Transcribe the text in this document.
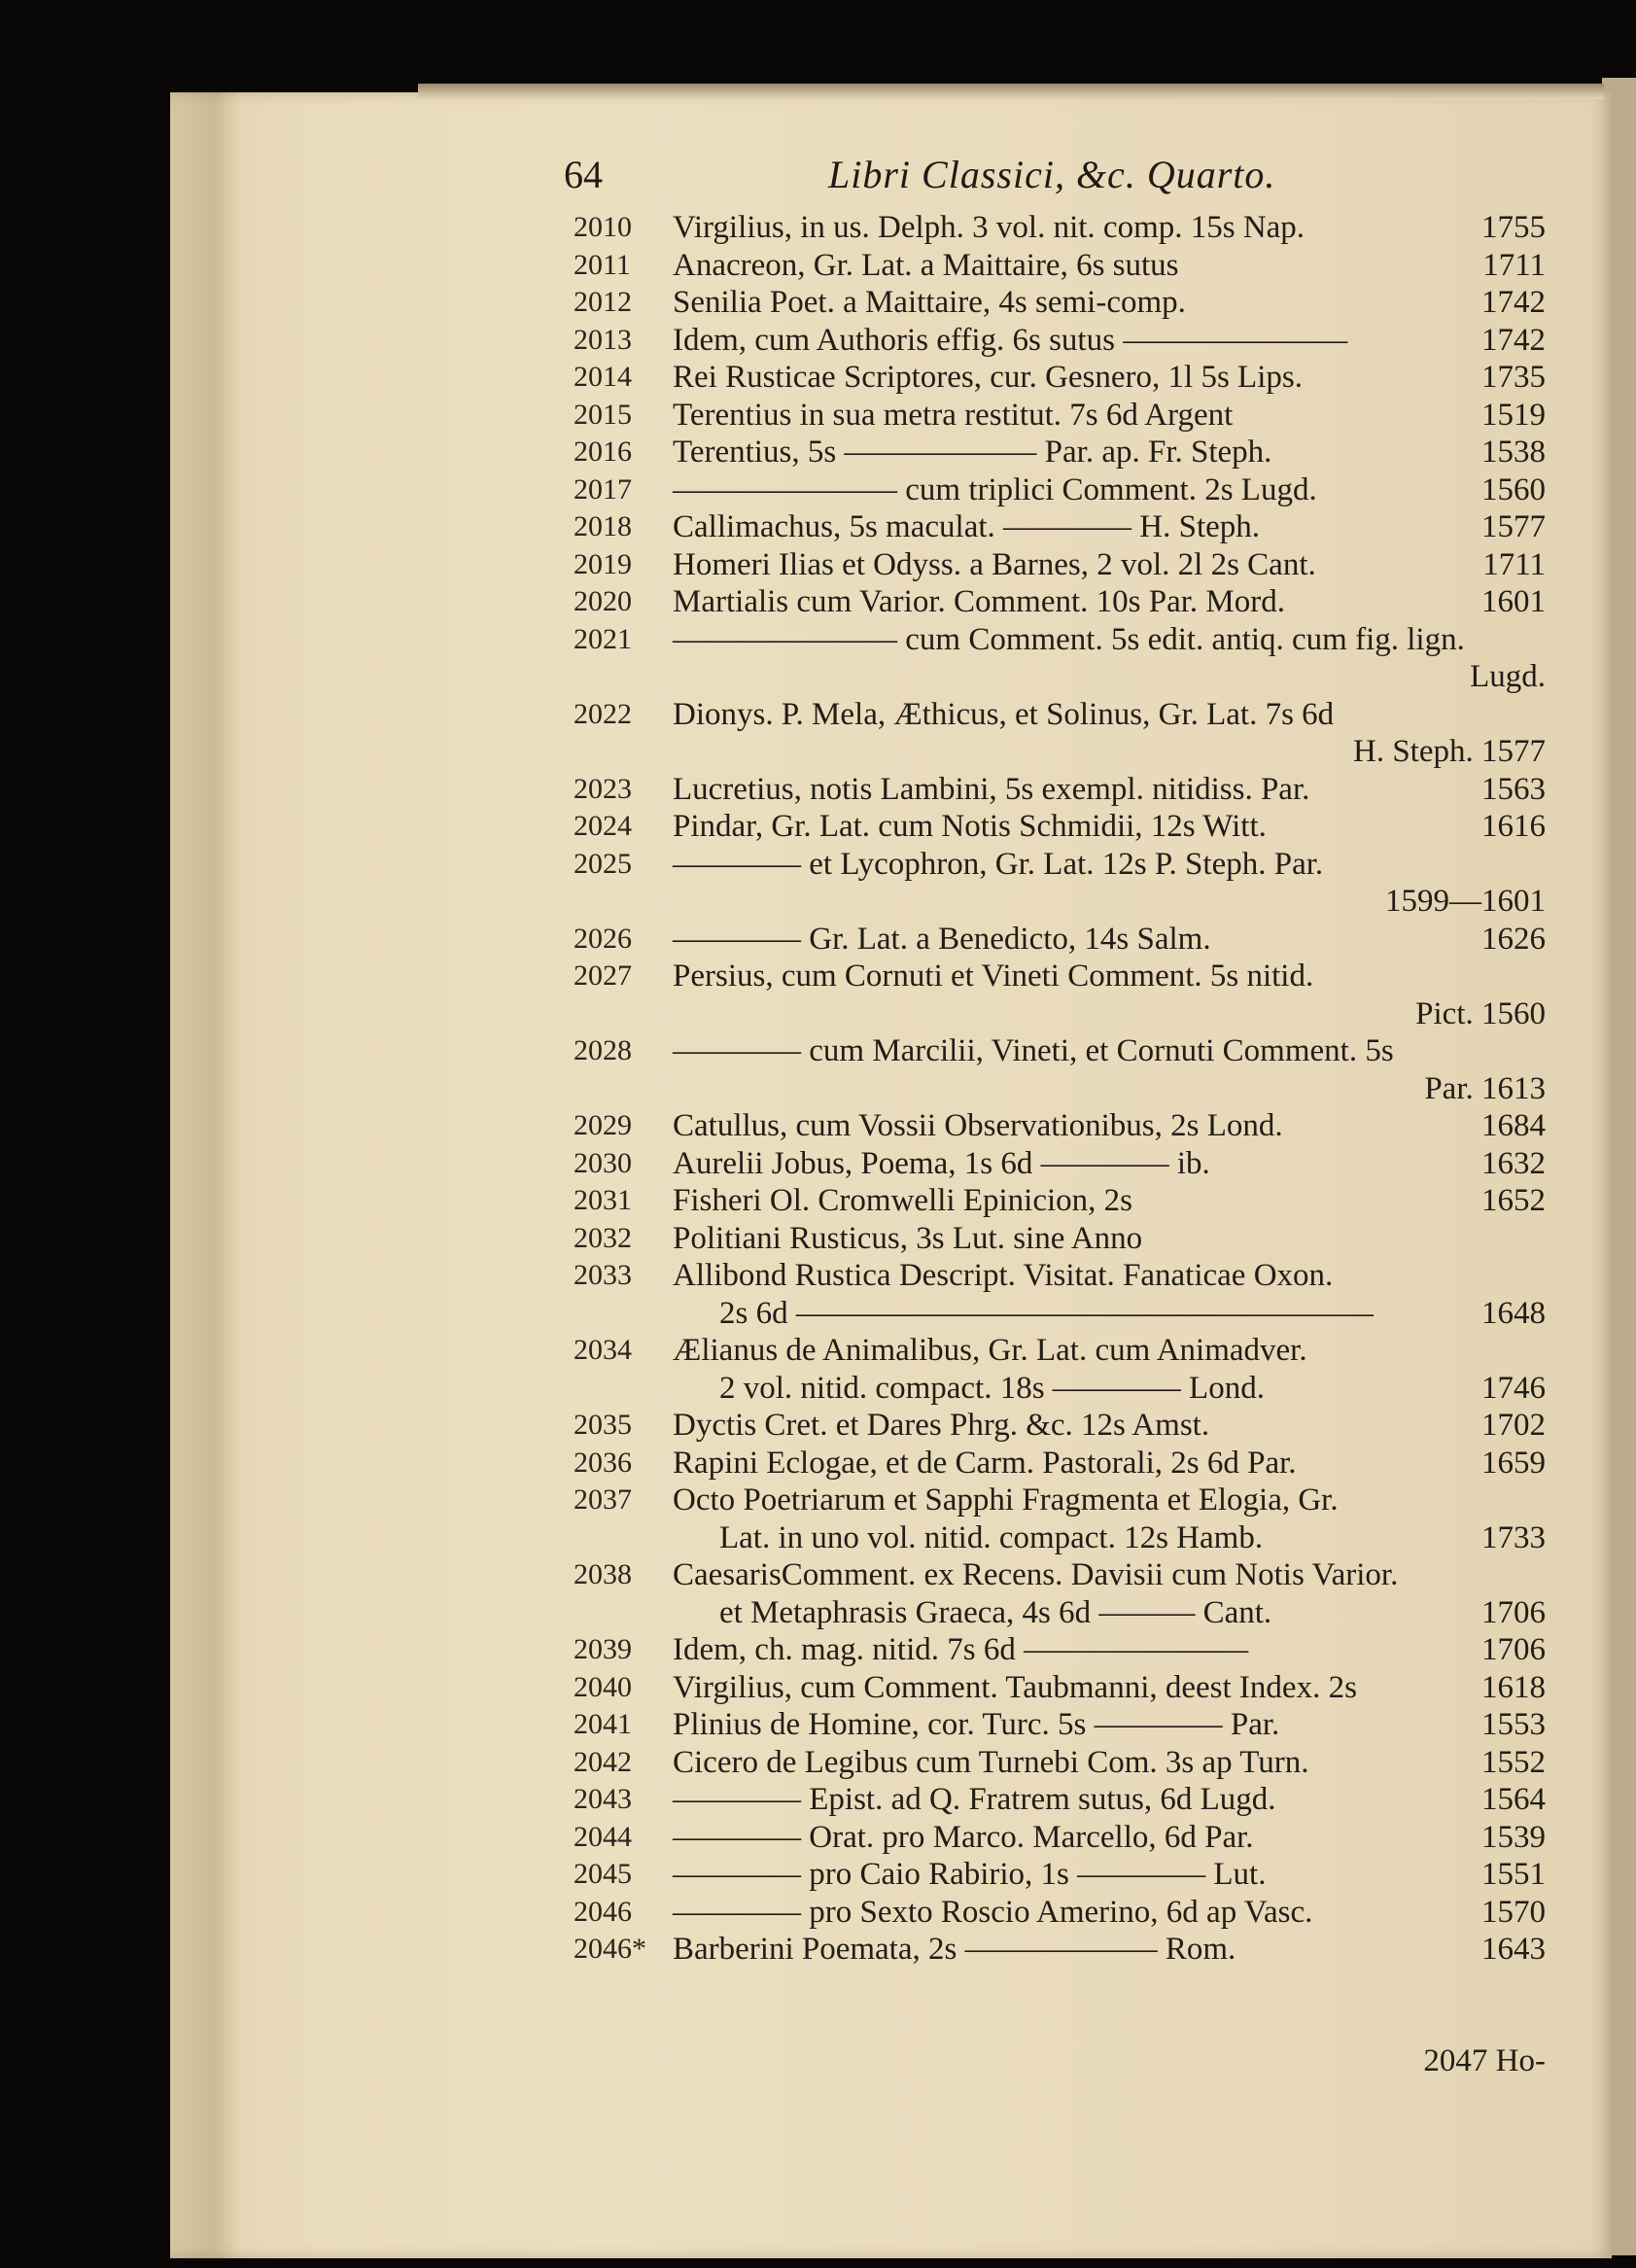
64	Libri Classici, &c. Quarto.
2010	Virgilius, in us. Delph. 3 vol. nit. comp. 15s Nap.	1755
2011	Anacreon, Gr. Lat. a Maittaire, 6s sutus	1711
2012	Senilia Poet. a Maittaire, 4s semi-comp.	1742
2013	Idem, cum Authoris effig. 6s sutus ———————	1742
2014	Rei Rusticae Scriptores, cur. Gesnero, 1l 5s Lips.	1735
2015	Terentius in sua metra restitut. 7s 6d Argent	1519
2016	Terentius, 5s —————— Par. ap. Fr. Steph.	1538
2017	——————— cum triplici Comment. 2s Lugd.	1560
2018	Callimachus, 5s maculat. ———— H. Steph.	1577
2019	Homeri Ilias et Odyss. a Barnes, 2 vol. 2l 2s Cant.	1711
2020	Martialis cum Varior. Comment. 10s Par. Mord.	1601
2021	——————— cum Comment. 5s edit. antiq. cum fig. lign.
Lugd.
2022	Dionys. P. Mela, Æthicus, et Solinus, Gr. Lat. 7s 6d
H. Steph. 1577
2023	Lucretius, notis Lambini, 5s exempl. nitidiss. Par.	1563
2024	Pindar, Gr. Lat. cum Notis Schmidii, 12s Witt.	1616
2025	———— et Lycophron, Gr. Lat. 12s P. Steph. Par.
1599—1601
2026	———— Gr. Lat. a Benedicto, 14s Salm.	1626
2027	Persius, cum Cornuti et Vineti Comment. 5s nitid.
Pict. 1560
2028	———— cum Marcilii, Vineti, et Cornuti Comment. 5s
Par. 1613
2029	Catullus, cum Vossii Observationibus, 2s Lond.	1684
2030	Aurelii Jobus, Poema, 1s 6d ———— ib.	1632
2031	Fisheri Ol. Cromwelli Epinicion, 2s	1652
2032	Politiani Rusticus, 3s Lut. sine Anno
2033	Allibond Rustica Descript. Visitat. Fanaticae Oxon.
2s 6d ——————————————————	1648
2034	Ælianus de Animalibus, Gr. Lat. cum Animadver.
2 vol. nitid. compact. 18s ———— Lond.	1746
2035	Dyctis Cret. et Dares Phrg. &c. 12s Amst.	1702
2036	Rapini Eclogae, et de Carm. Pastorali, 2s 6d Par.	1659
2037	Octo Poetriarum et Sapphi Fragmenta et Elogia, Gr.
Lat. in uno vol. nitid. compact. 12s Hamb.	1733
2038	CaesarisComment. ex Recens. Davisii cum Notis Varior.
et Metaphrasis Graeca, 4s 6d ——— Cant.	1706
2039	Idem, ch. mag. nitid. 7s 6d ———————	1706
2040	Virgilius, cum Comment. Taubmanni, deest Index. 2s	1618
2041	Plinius de Homine, cor. Turc. 5s ———— Par.	1553
2042	Cicero de Legibus cum Turnebi Com. 3s ap Turn.	1552
2043	———— Epist. ad Q. Fratrem sutus, 6d Lugd.	1564
2044	———— Orat. pro Marco. Marcello, 6d Par.	1539
2045	———— pro Caio Rabirio, 1s ———— Lut.	1551
2046	———— pro Sexto Roscio Amerino, 6d ap Vasc.	1570
2046* Barberini Poemata, 2s —————— Rom.	1643
2047 Ho-
